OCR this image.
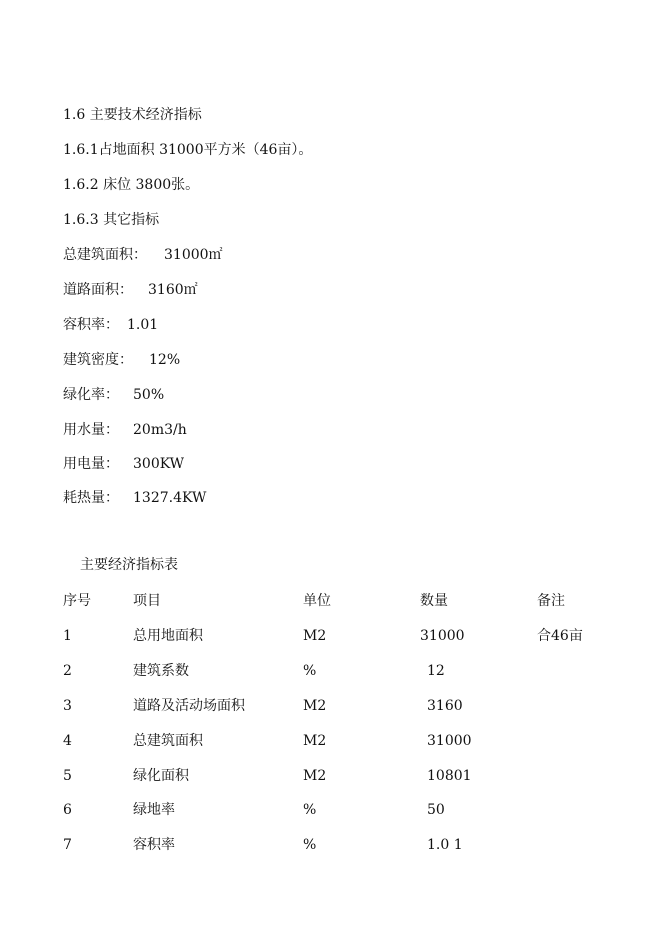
1.6 主要技术经济指标
1.6.1占地面积 31000平方米（46亩）。
1.6.2 床位 3800张。
1.6.3 其它指标
总建筑面积： 31000㎡
道路面积： 3160㎡
容积率： 1.01
建筑密度： 12%
绿化率： 50%
用水量： 20m3/h
用电量： 300KW
耗热量： 1327.4KW
主要经济指标表
序号	项目	单位	数量	备注
1	总用地面积	M2	31000	合46亩
2	建筑系数	%	12
3	道路及活动场面积	M2	3160
4	总建筑面积	M2	31000
5	绿化面积	M2	10801
6	绿地率	%	50
7	容积率	%	1.0 1
